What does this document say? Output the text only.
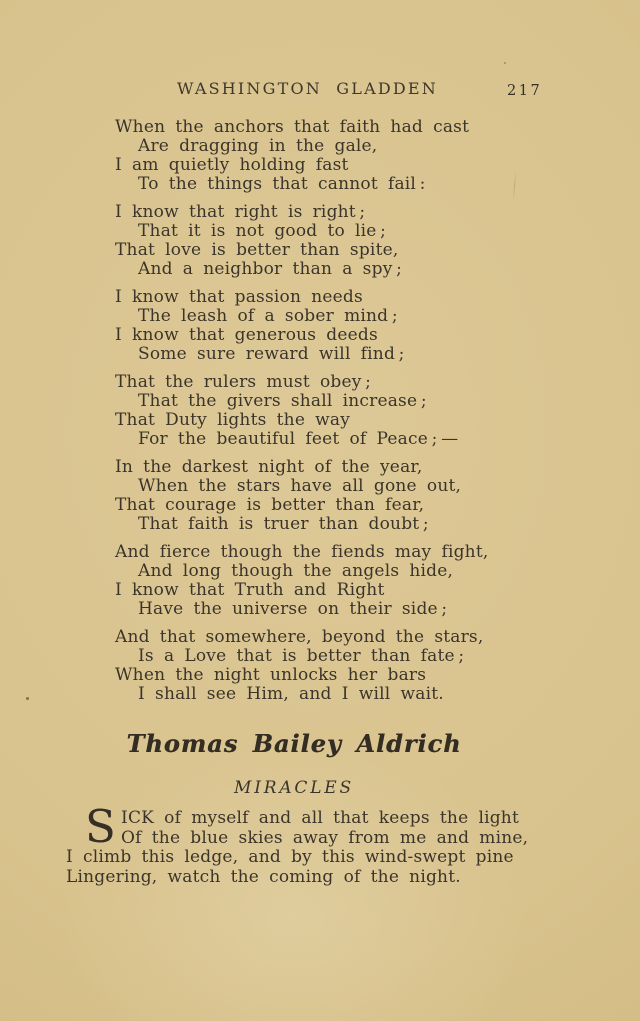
WASHINGTON GLADDEN	217
When the anchors that faith had cast
Are dragging in the gale,
I am quietly holding fast
To the things that cannot fail :
I know that right is right ;
That it is not good to lie ;
That love is better than spite,
And a neighbor than a spy ;
I know that passion needs
The leash of a sober mind ;
I know that generous deeds
Some sure reward will find ;
That the rulers must obey ;
That the givers shall increase ;
That Duty lights the way
For the beautiful feet of Peace ; —
In the darkest night of the year,
When the stars have all gone out,
That courage is better than fear,
That faith is truer than doubt ;
And fierce though the fiends may fight,
And long though the angels hide,
I know that Truth and Right
Have the universe on their side ;
And that somewhere, beyond the stars,
Is a Love that is better than fate ;
When the night unlocks her bars
I shall see Him, and I will wait.
Thomas Bailey Aldrich
MIRACLES
SICK of myself and all that keeps the light
Of the blue skies away from me and mine,
I climb this ledge, and by this wind-swept pine
Lingering, watch the coming of the night.
